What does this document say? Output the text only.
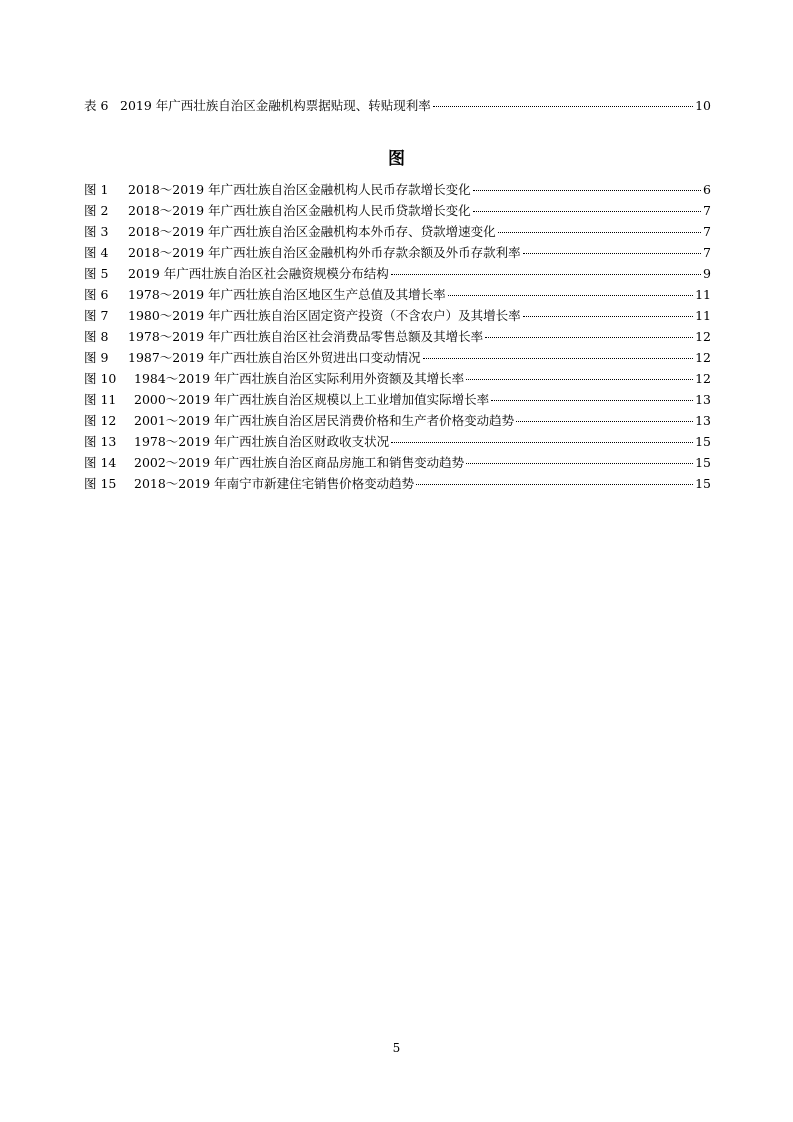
表 6 2019 年广西壮族自治区金融机构票据贴现、转贴现利率	10
图
图 1	2018～2019 年广西壮族自治区金融机构人民币存款增长变化	6
图 2	2018～2019 年广西壮族自治区金融机构人民币贷款增长变化	7
图 3	2018～2019 年广西壮族自治区金融机构本外币存、贷款增速变化	7
图 4	2018～2019 年广西壮族自治区金融机构外币存款余额及外币存款利率	7
图 5	2019 年广西壮族自治区社会融资规模分布结构	9
图 6	1978～2019 年广西壮族自治区地区生产总值及其增长率	11
图 7	1980～2019 年广西壮族自治区固定资产投资（不含农户）及其增长率	11
图 8	1978～2019 年广西壮族自治区社会消费品零售总额及其增长率	12
图 9	1987～2019 年广西壮族自治区外贸进出口变动情况	12
图 10	1984～2019 年广西壮族自治区实际利用外资额及其增长率	12
图 11	2000～2019 年广西壮族自治区规模以上工业增加值实际增长率	13
图 12	2001～2019 年广西壮族自治区居民消费价格和生产者价格变动趋势	13
图 13	1978～2019 年广西壮族自治区财政收支状况	15
图 14	2002～2019 年广西壮族自治区商品房施工和销售变动趋势	15
图 15	2018～2019 年南宁市新建住宅销售价格变动趋势	15
5
